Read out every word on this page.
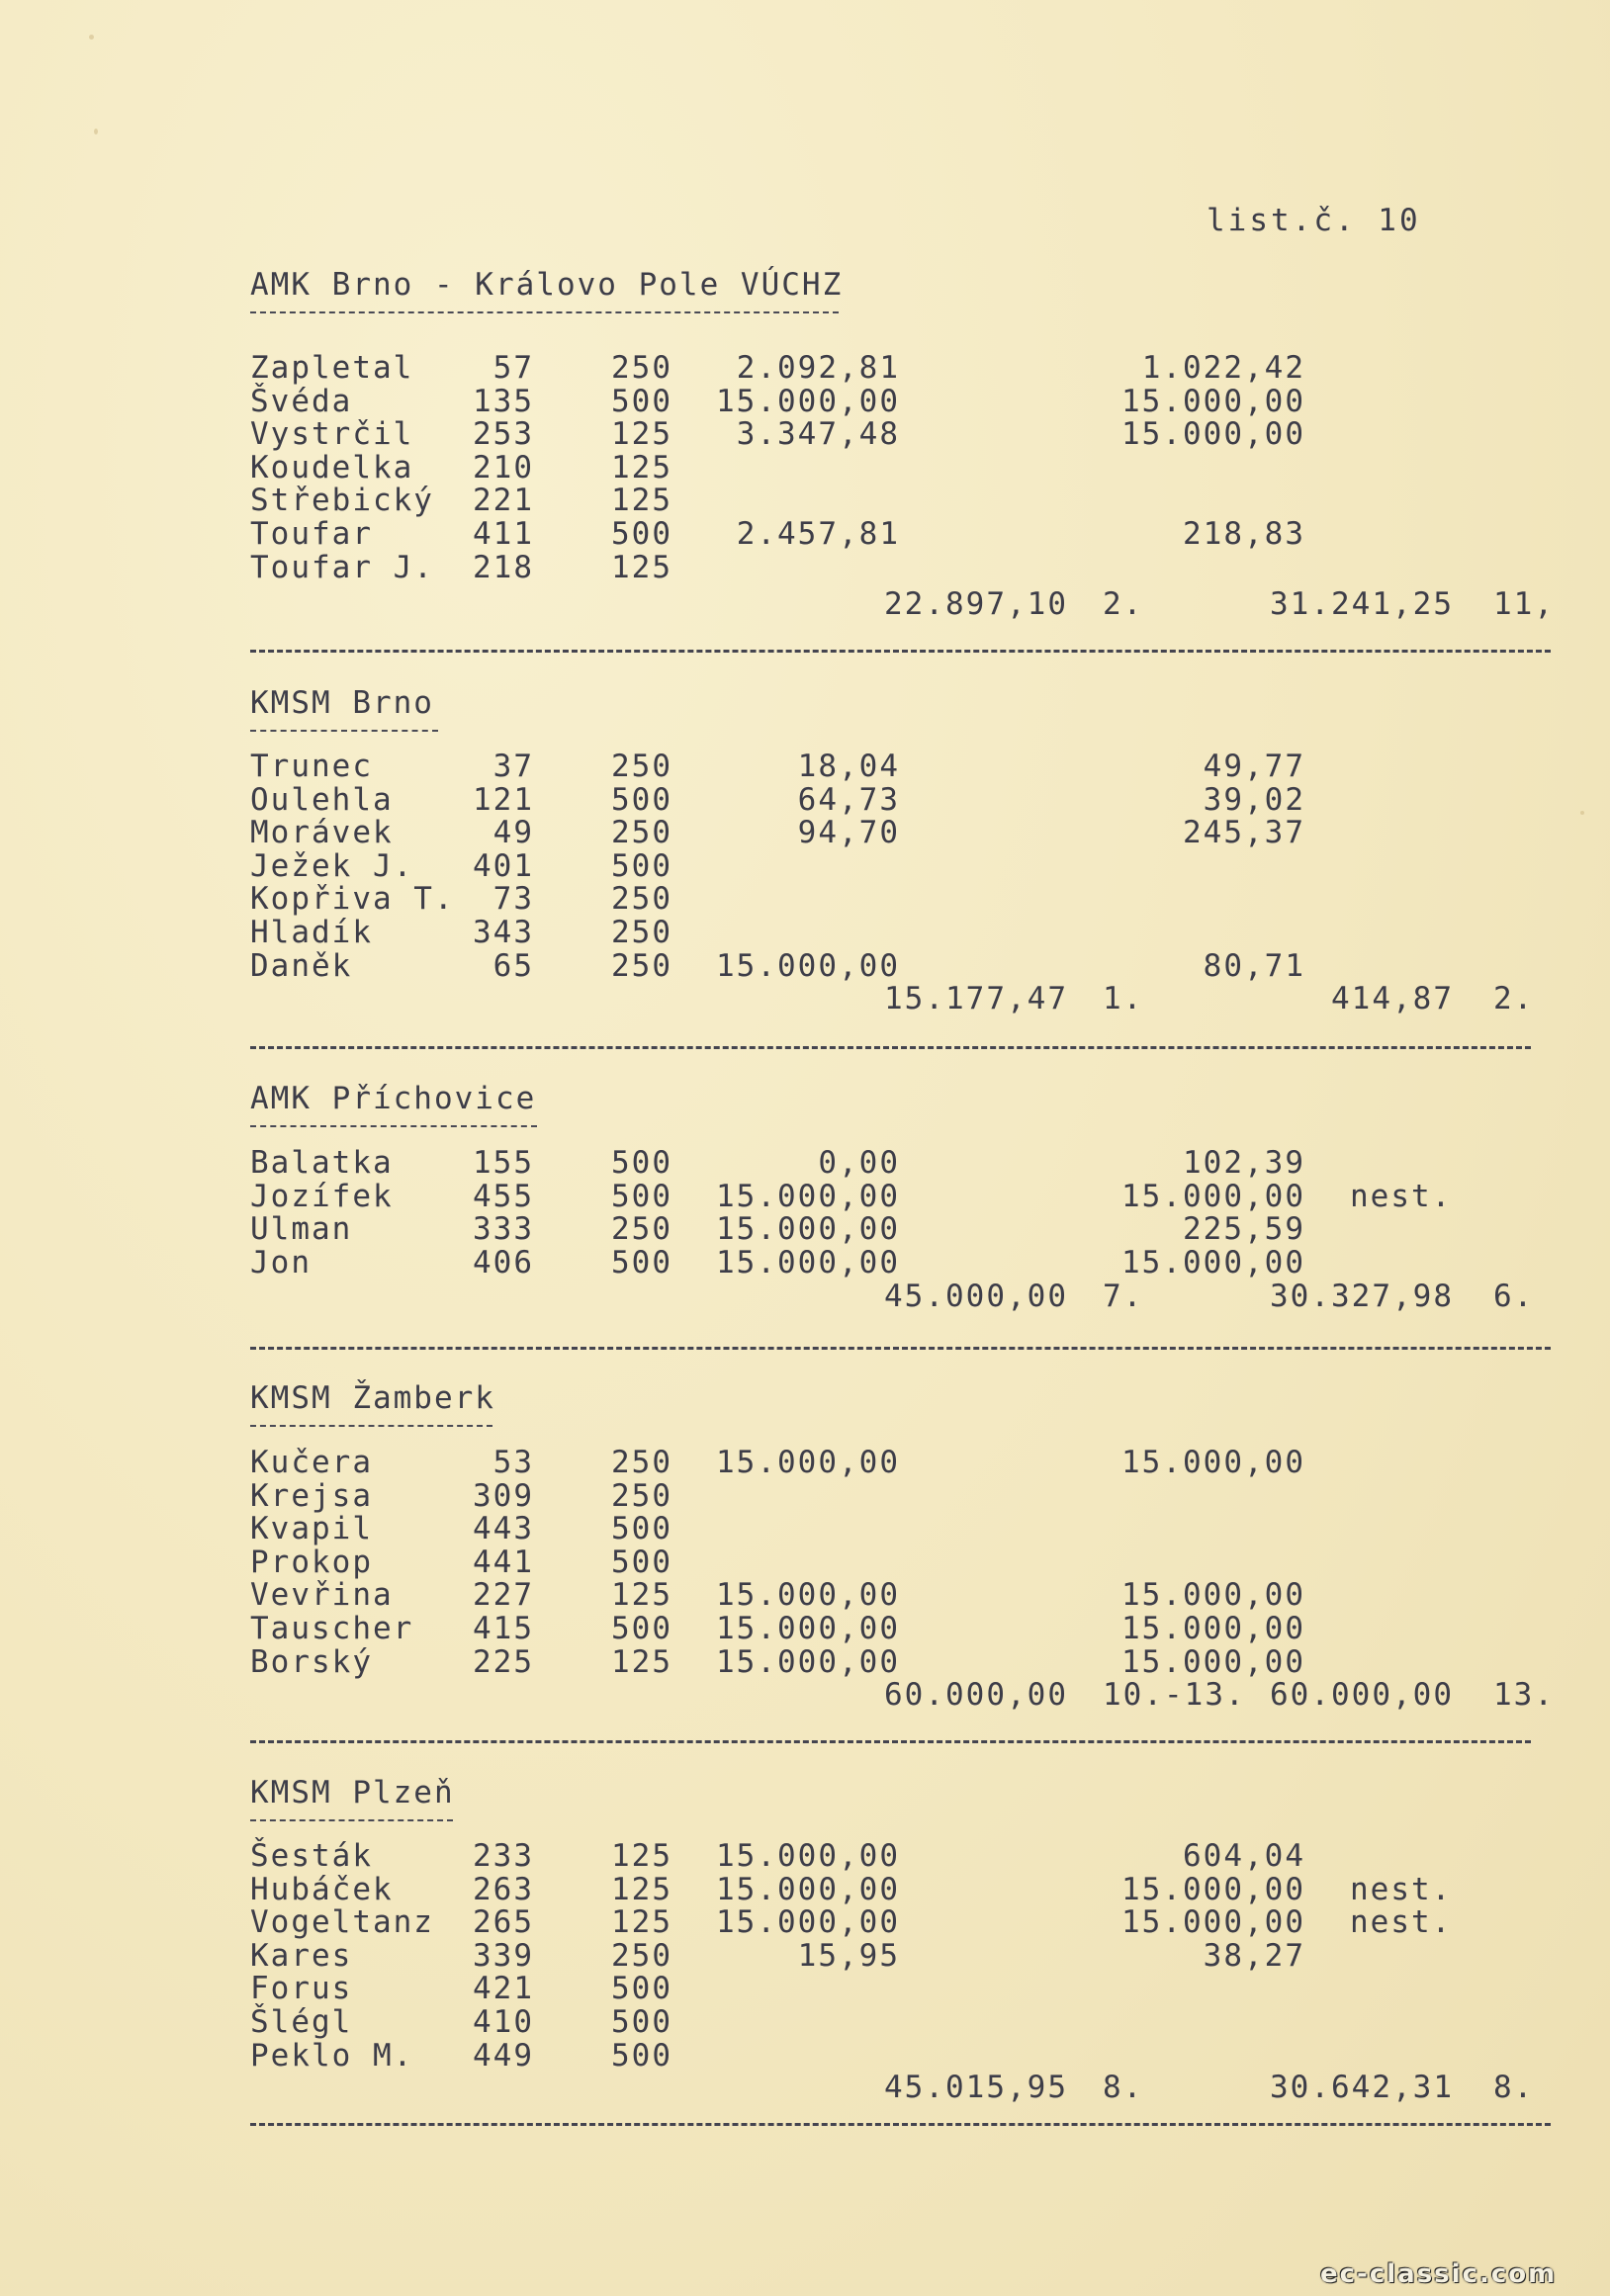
list.č. 10
AMK Brno - Královo Pole VÚCHZ
Zapletal	57	250	2.092,81	1.022,42
Švéda	135	500	15.000,00	15.000,00
Vystrčil	253	125	3.347,48	15.000,00
Koudelka	210	125
Střebický	221	125
Toufar	411	500	2.457,81	218,83
Toufar J.	218	125
22.897,10 2.	31.241,25 11,
KMSM Brno
Trunec	37	250	18,04	49,77
Oulehla	121	500	64,73	39,02
Morávek	49	250	94,70	245,37
Ježek J.	401	500
Kopřiva T.	73	250
Hladík	343	250
Daněk	65	250	15.000,00	80,71
15.177,47 1.	414,87 2.
AMK Příchovice
Balatka	155	500	0,00	102,39
Jozífek	455	500	15.000,00	15.000,00 nest.
Ulman	333	250	15.000,00	225,59
Jon	406	500	15.000,00	15.000,00
45.000,00 7.	30.327,98 6.
KMSM Žamberk
Kučera	53	250	15.000,00	15.000,00
Krejsa	309	250
Kvapil	443	500
Prokop	441	500
Vevřina	227	125	15.000,00	15.000,00
Tauscher	415	500	15.000,00	15.000,00
Borský	225	125	15.000,00	15.000,00
60.000,00 10.-13. 60.000,00 13.
KMSM Plzeň
Šesták	233	125	15.000,00	604,04
Hubáček	263	125	15.000,00	15.000,00 nest.
Vogeltanz	265	125	15.000,00	15.000,00 nest.
Kares	339	250	15,95	38,27
Forus	421	500
Šlégl	410	500
Peklo M.	449	500
45.015,95 8.	30.642,31 8.
ec-classic.com
